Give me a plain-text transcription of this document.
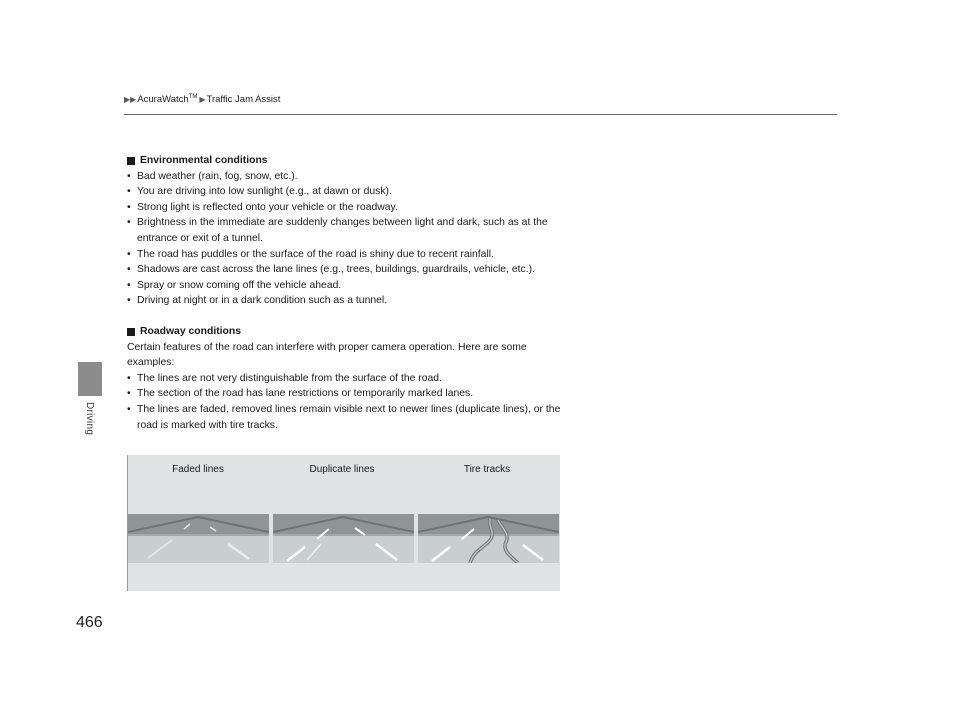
▶▶ AcuraWatch™ ▶ Traffic Jam Assist
Driving
466
Environmental conditions
• Bad weather (rain, fog, snow, etc.).
• You are driving into low sunlight (e.g., at dawn or dusk).
• Strong light is reflected onto your vehicle or the roadway.
• Brightness in the immediate are suddenly changes between light and dark, such as at the entrance or exit of a tunnel.
• The road has puddles or the surface of the road is shiny due to recent rainfall.
• Shadows are cast across the lane lines (e.g., trees, buildings, guardrails, vehicle, etc.).
• Spray or snow coming off the vehicle ahead.
• Driving at night or in a dark condition such as a tunnel.
Roadway conditions
Certain features of the road can interfere with proper camera operation. Here are some examples:
• The lines are not very distinguishable from the surface of the road.
• The section of the road has lane restrictions or temporarily marked lanes.
• The lines are faded, removed lines remain visible next to newer lines (duplicate lines), or the road is marked with tire tracks.
Faded lines	Duplicate lines	Tire tracks
